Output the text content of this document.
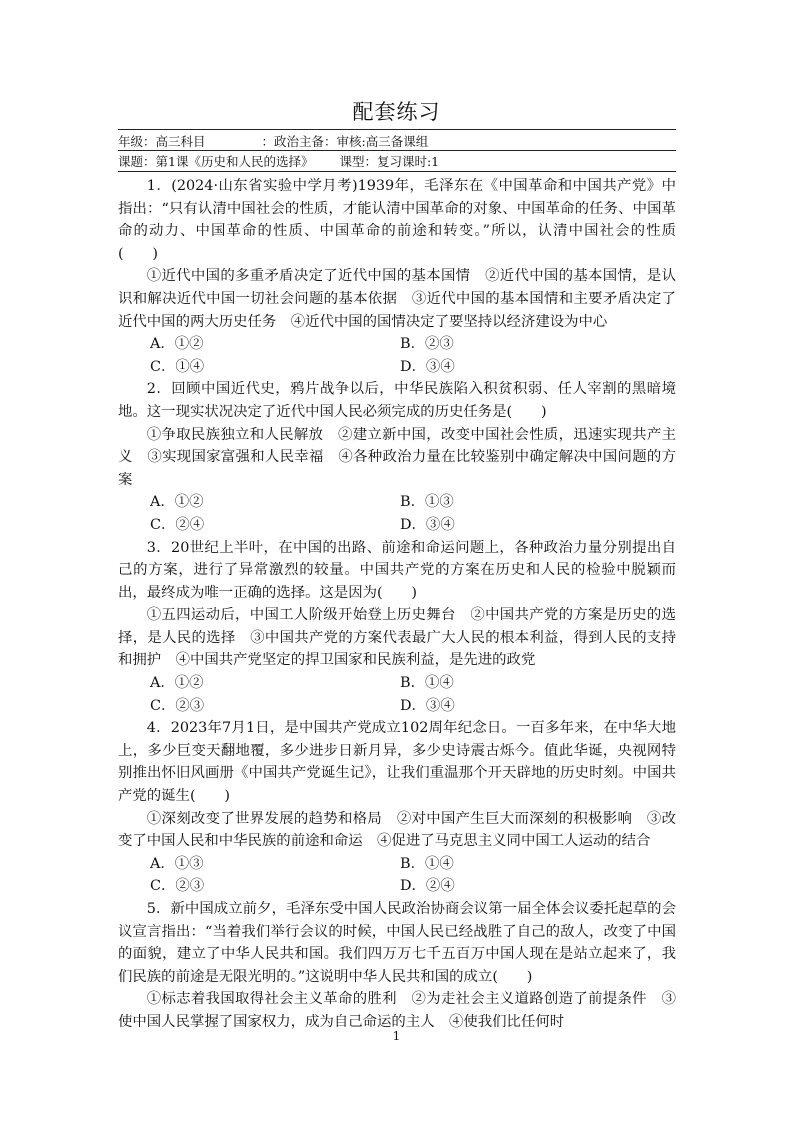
配套练习
年级：高三科目	：政治主备：审核:高三备课组
课题：第1课《历史和人民的选择》 课型：复习课时:1

1．(2024·山东省实验中学月考)1939年，毛泽东在《中国革命和中国共产党》中指出：“只有认清中国社会的性质，才能认清中国革命的对象、中国革命的任务、中国革命的动力、中国革命的性质、中国革命的前途和转变。”所以，认清中国社会的性质(　　)

①近代中国的多重矛盾决定了近代中国的基本国情　②近代中国的基本国情，是认识和解决近代中国一切社会问题的基本依据　③近代中国的基本国情和主要矛盾决定了近代中国的两大历史任务　④近代中国的国情决定了要坚持以经济建设为中心

A．①②	B．②③
C．①④	D．③④

2．回顾中国近代史，鸦片战争以后，中华民族陷入积贫积弱、任人宰割的黑暗境地。这一现实状况决定了近代中国人民必须完成的历史任务是(　　)

①争取民族独立和人民解放　②建立新中国，改变中国社会性质，迅速实现共产主义　③实现国家富强和人民幸福　④各种政治力量在比较鉴别中确定解决中国问题的方案

A．①②	B．①③
C．②④	D．③④

3．20世纪上半叶，在中国的出路、前途和命运问题上，各种政治力量分别提出自己的方案，进行了异常激烈的较量。中国共产党的方案在历史和人民的检验中脱颖而出，最终成为唯一正确的选择。这是因为(　　)

①五四运动后，中国工人阶级开始登上历史舞台　②中国共产党的方案是历史的选择，是人民的选择　③中国共产党的方案代表最广大人民的根本利益，得到人民的支持和拥护　④中国共产党坚定的捍卫国家和民族利益，是先进的政党

A．①②	B．①④
C．②③	D．③④

4．2023年7月1日，是中国共产党成立102周年纪念日。一百多年来，在中华大地上，多少巨变天翻地覆，多少进步日新月异，多少史诗震古烁今。值此华诞，央视网特别推出怀旧风画册《中国共产党诞生记》，让我们重温那个开天辟地的历史时刻。中国共产党的诞生(　　)

①深刻改变了世界发展的趋势和格局　②对中国产生巨大而深刻的积极影响　③改变了中国人民和中华民族的前途和命运　④促进了马克思主义同中国工人运动的结合

A．①③	B．①④
C．②③	D．②④

5．新中国成立前夕，毛泽东受中国人民政治协商会议第一届全体会议委托起草的会议宣言指出：“当着我们举行会议的时候，中国人民已经战胜了自己的敌人，改变了中国的面貌，建立了中华人民共和国。我们四万万七千五百万中国人现在是站立起来了，我们民族的前途是无限光明的。”这说明中华人民共和国的成立(　　)

①标志着我国取得社会主义革命的胜利　②为走社会主义道路创造了前提条件　③使中国人民掌握了国家权力，成为自己命运的主人　④使我们比任何时

1
